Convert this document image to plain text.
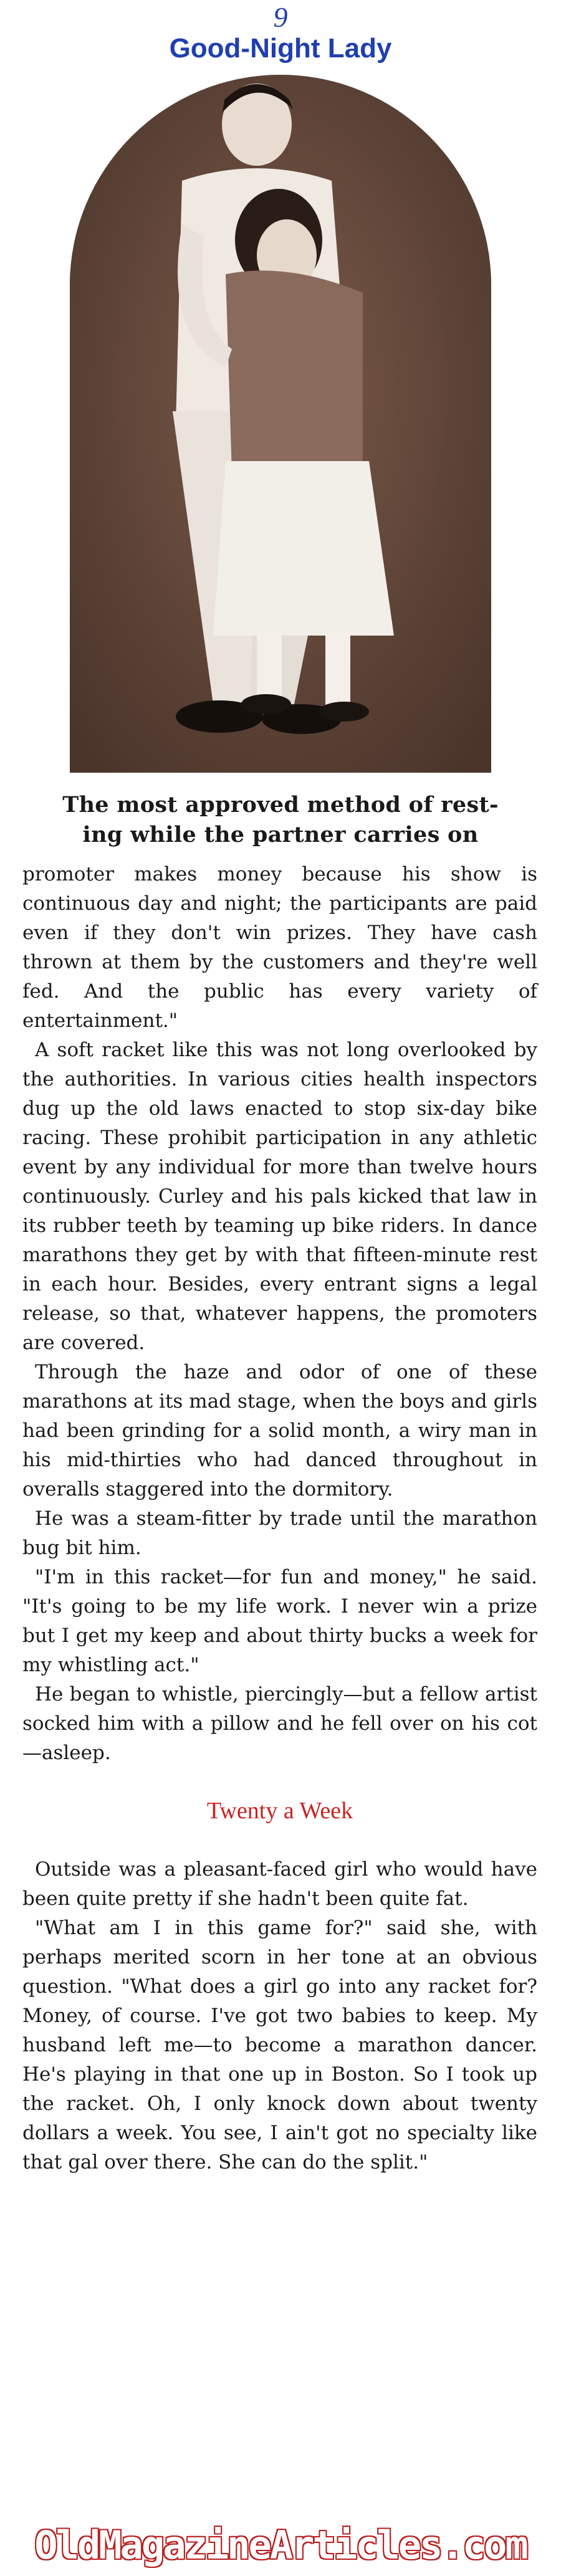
9
Good-Night Lady
The most approved method of rest-
ing while the partner carries on

promoter makes money because his show is continuous day and night; the participants are paid even if they don't win prizes. They have cash thrown at them by the customers and they're well fed. And the public has every variety of entertainment."

A soft racket like this was not long overlooked by the authorities. In various cities health inspectors dug up the old laws enacted to stop six-day bike racing. These prohibit participation in any athletic event by any individual for more than twelve hours continuously. Curley and his pals kicked that law in its rubber teeth by teaming up bike riders. In dance marathons they get by with that fifteen-minute rest in each hour. Besides, every entrant signs a legal release, so that, whatever happens, the promoters are covered.

Through the haze and odor of one of these marathons at its mad stage, when the boys and girls had been grinding for a solid month, a wiry man in his mid-thirties who had danced throughout in overalls staggered into the dormitory.

He was a steam-fitter by trade until the marathon bug bit him.

"I'm in this racket—for fun and money," he said. "It's going to be my life work. I never win a prize but I get my keep and about thirty bucks a week for my whistling act."

He began to whistle, piercingly—but a fellow artist socked him with a pillow and he fell over on his cot—asleep.

Twenty a Week

Outside was a pleasant-faced girl who would have been quite pretty if she hadn't been quite fat.

"What am I in this game for?" said she, with perhaps merited scorn in her tone at an obvious question. "What does a girl go into any racket for? Money, of course. I've got two babies to keep. My husband left me—to become a marathon dancer. He's playing in that one up in Boston. So I took up the racket. Oh, I only knock down about twenty dollars a week. You see, I ain't got no specialty like that gal over there. She can do the split."

OldMagazineArticles.com
